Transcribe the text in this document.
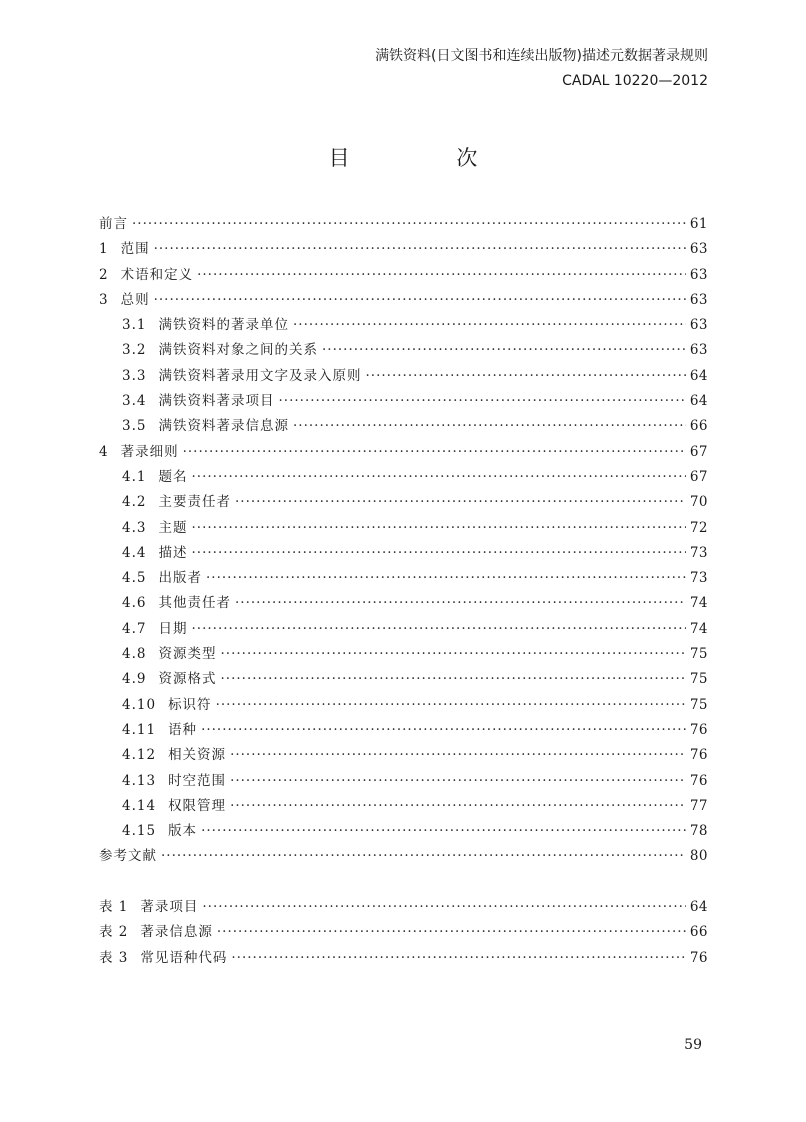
满铁资料(日文图书和连续出版物)描述元数据著录规则
CADAL 10220—2012
目 次
前言 ·····	61
1 范围 ·····	63
2 术语和定义 ·····	63
3 总则 ·····	63
3.1 满铁资料的著录单位 ·····	63
3.2 满铁资料对象之间的关系 ·····	63
3.3 满铁资料著录用文字及录入原则 ·····	64
3.4 满铁资料著录项目 ·····	64
3.5 满铁资料著录信息源 ·····	66
4 著录细则 ·····	67
4.1 题名 ·····	67
4.2 主要责任者 ·····	70
4.3 主题 ·····	72
4.4 描述 ·····	73
4.5 出版者 ·····	73
4.6 其他责任者 ·····	74
4.7 日期 ·····	74
4.8 资源类型 ·····	75
4.9 资源格式 ·····	75
4.10 标识符 ·····	75
4.11 语种 ·····	76
4.12 相关资源 ·····	76
4.13 时空范围 ·····	76
4.14 权限管理 ·····	77
4.15 版本 ·····	78
参考文献 ·····	80
表 1 著录项目 ·····	64
表 2 著录信息源 ·····	66
表 3 常见语种代码 ·····	76
59
